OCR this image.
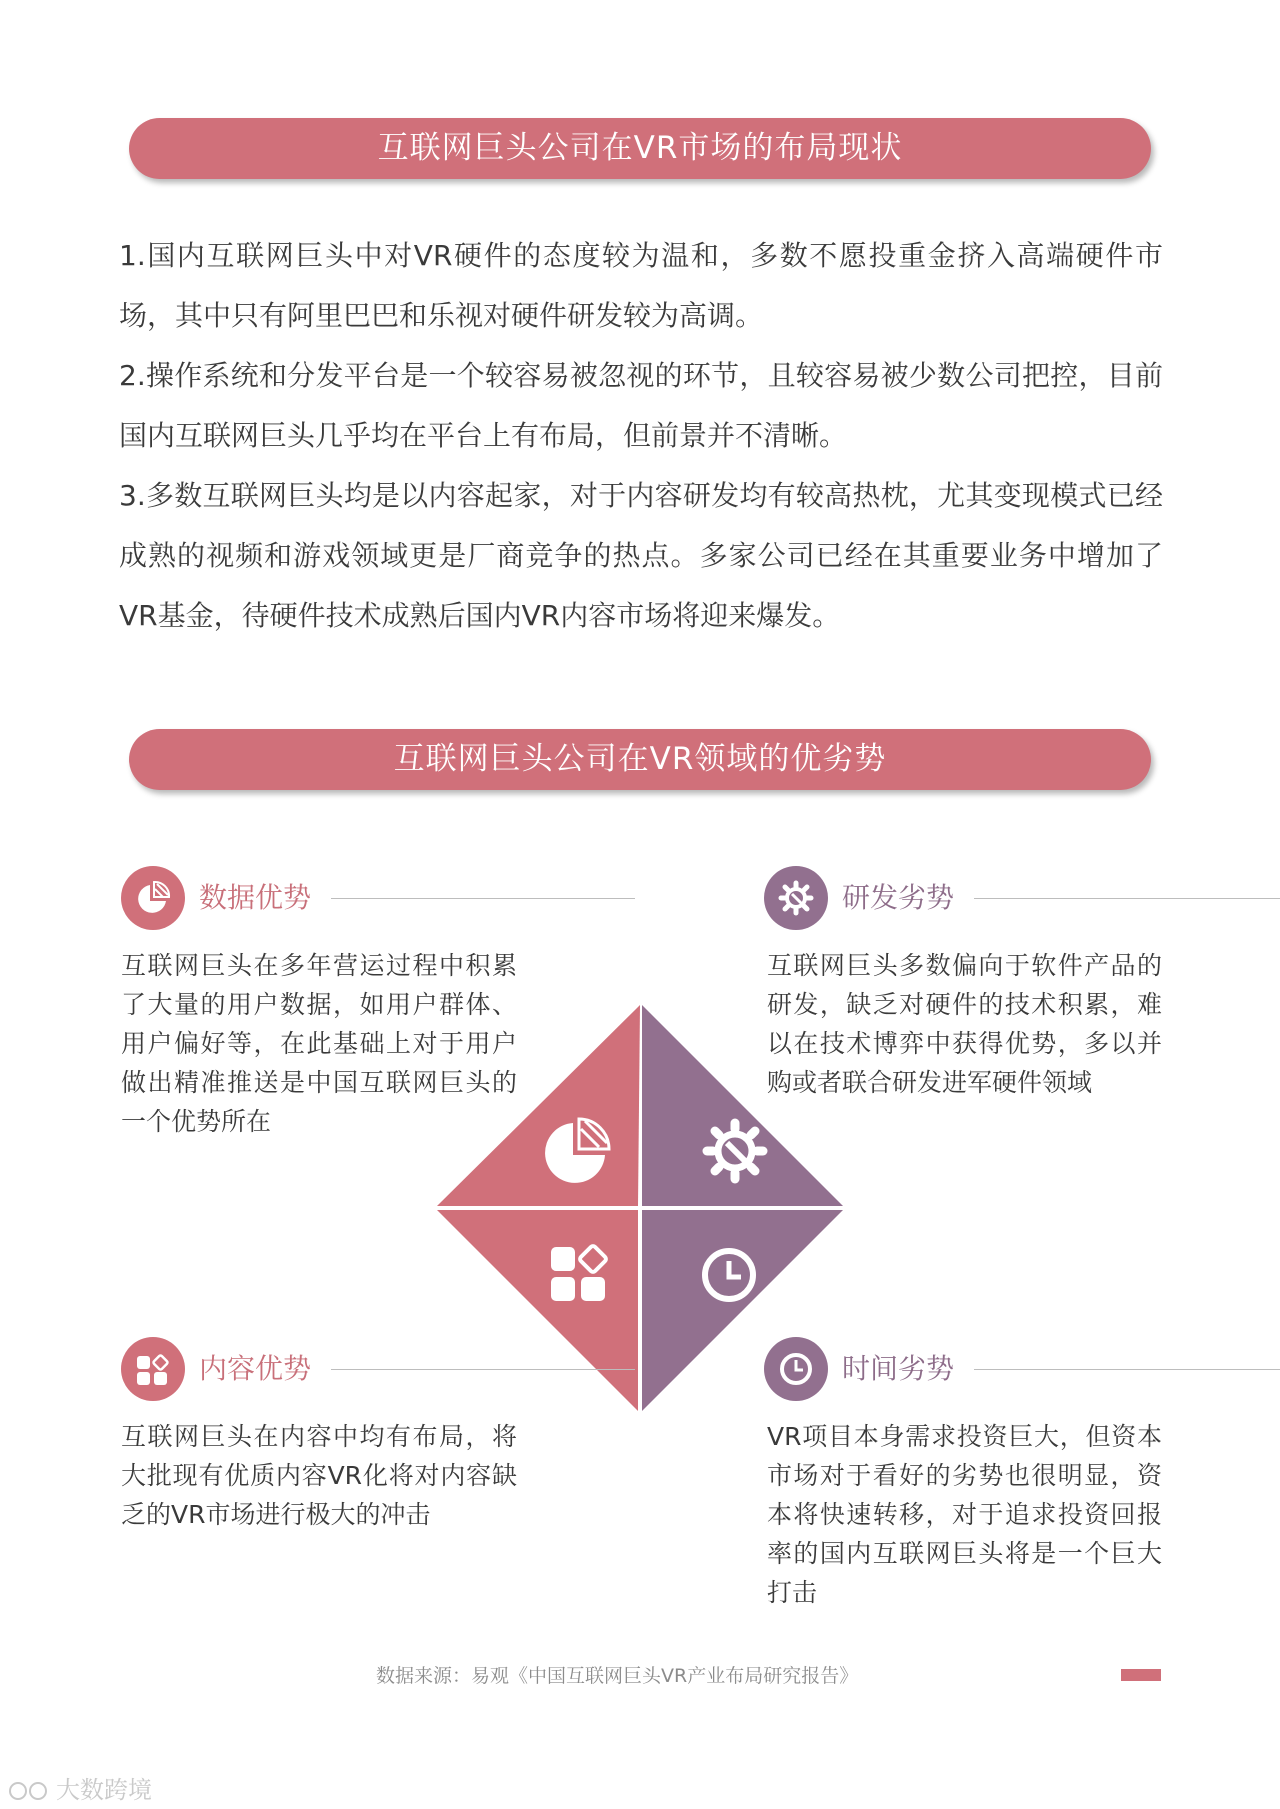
互联网巨头公司在VR市场的布局现状

1.国内互联网巨头中对VR硬件的态度较为温和，多数不愿投重金挤入高端硬件市场，其中只有阿里巴巴和乐视对硬件研发较为高调。

2.操作系统和分发平台是一个较容易被忽视的环节，且较容易被少数公司把控，目前国内互联网巨头几乎均在平台上有布局，但前景并不清晰。

3.多数互联网巨头均是以内容起家，对于内容研发均有较高热枕，尤其变现模式已经成熟的视频和游戏领域更是厂商竞争的热点。多家公司已经在其重要业务中增加了VR基金，待硬件技术成熟后国内VR内容市场将迎来爆发。

互联网巨头公司在VR领域的优劣势
数据优势
互联网巨头在多年营运过程中积累了大量的用户数据，如用户群体、用户偏好等，在此基础上对于用户做出精准推送是中国互联网巨头的一个优势所在
研发劣势
互联网巨头多数偏向于软件产品的研发，缺乏对硬件的技术积累，难以在技术博弈中获得优势，多以并购或者联合研发进军硬件领域
内容优势
互联网巨头在内容中均有布局，将大批现有优质内容VR化将对内容缺乏的VR市场进行极大的冲击
时间劣势
VR项目本身需求投资巨大，但资本市场对于看好的劣势也很明显，资本将快速转移，对于追求投资回报率的国内互联网巨头将是一个巨大打击
数据来源：易观《中国互联网巨头VR产业布局研究报告》
大数跨境
